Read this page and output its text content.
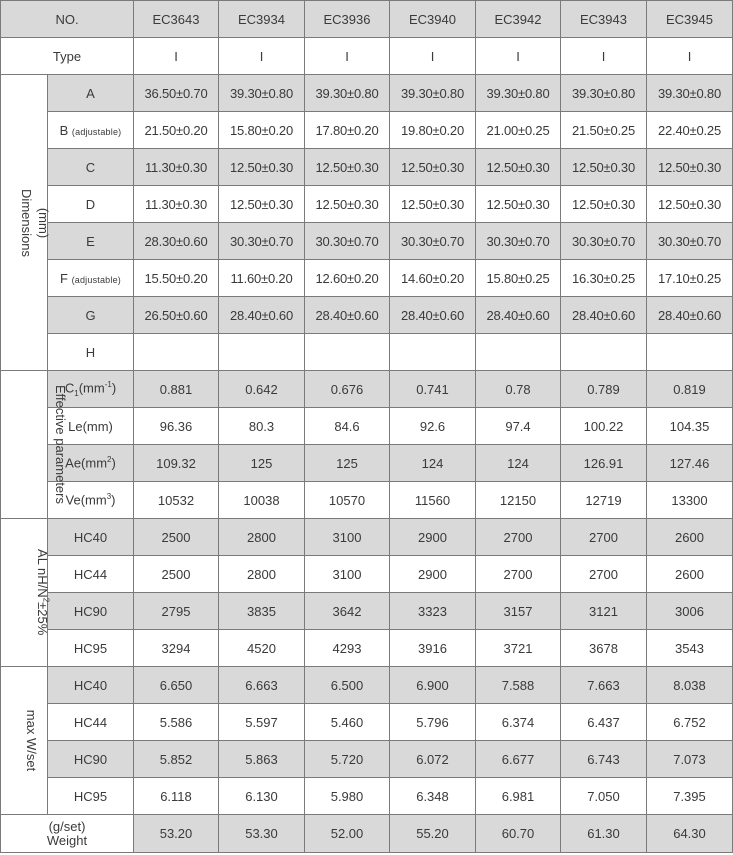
NO.		EC3643	EC3934	EC3936	EC3940	EC3942	EC3943	EC3945
Type		I	I	I	I	I	I	I
(mm)
Dimensions	A	36.50±0.70	39.30±0.80	39.30±0.80	39.30±0.80	39.30±0.80	39.30±0.80	39.30±0.80
	B (adjustable)	21.50±0.20	15.80±0.20	17.80±0.20	19.80±0.20	21.00±0.25	21.50±0.25	22.40±0.25
	C	11.30±0.30	12.50±0.30	12.50±0.30	12.50±0.30	12.50±0.30	12.50±0.30	12.50±0.30
	D	11.30±0.30	12.50±0.30	12.50±0.30	12.50±0.30	12.50±0.30	12.50±0.30	12.50±0.30
	E	28.30±0.60	30.30±0.70	30.30±0.70	30.30±0.70	30.30±0.70	30.30±0.70	30.30±0.70
	F (adjustable)	15.50±0.20	11.60±0.20	12.60±0.20	14.60±0.20	15.80±0.25	16.30±0.25	17.10±0.25
	G	26.50±0.60	28.40±0.60	28.40±0.60	28.40±0.60	28.40±0.60	28.40±0.60	28.40±0.60
	H							
Effective parameters	$C_1(mm^{-1})$	0.881	0.642	0.676	0.741	0.78	0.789	0.819
	Le(mm)	96.36	80.3	84.6	92.6	97.4	100.22	104.35
	$Ae(mm^2)$	109.32	125	125	124	124	126.91	127.46
	$Ve(mm^3)$	10532	10038	10570	11560	12150	12719	13300
AL $nH/N^2\pm 25\%$	HC40	2500	2800	3100	2900	2700	2700	2600
	HC44	2500	2800	3100	2900	2700	2700	2600
	HC90	2795	3835	3642	3323	3157	3121	3006
	HC95	3294	4520	4293	3916	3721	3678	3543
max W/set	HC40	6.650	6.663	6.500	6.900	7.588	7.663	8.038
	HC44	5.586	5.597	5.460	5.796	6.374	6.437	6.752
	HC90	5.852	5.863	5.720	6.072	6.677	6.743	7.073
	HC95	6.118	6.130	5.980	6.348	6.981	7.050	7.395
(g/set)
Weight		53.20	53.30	52.00	55.20	60.70	61.30	64.30
